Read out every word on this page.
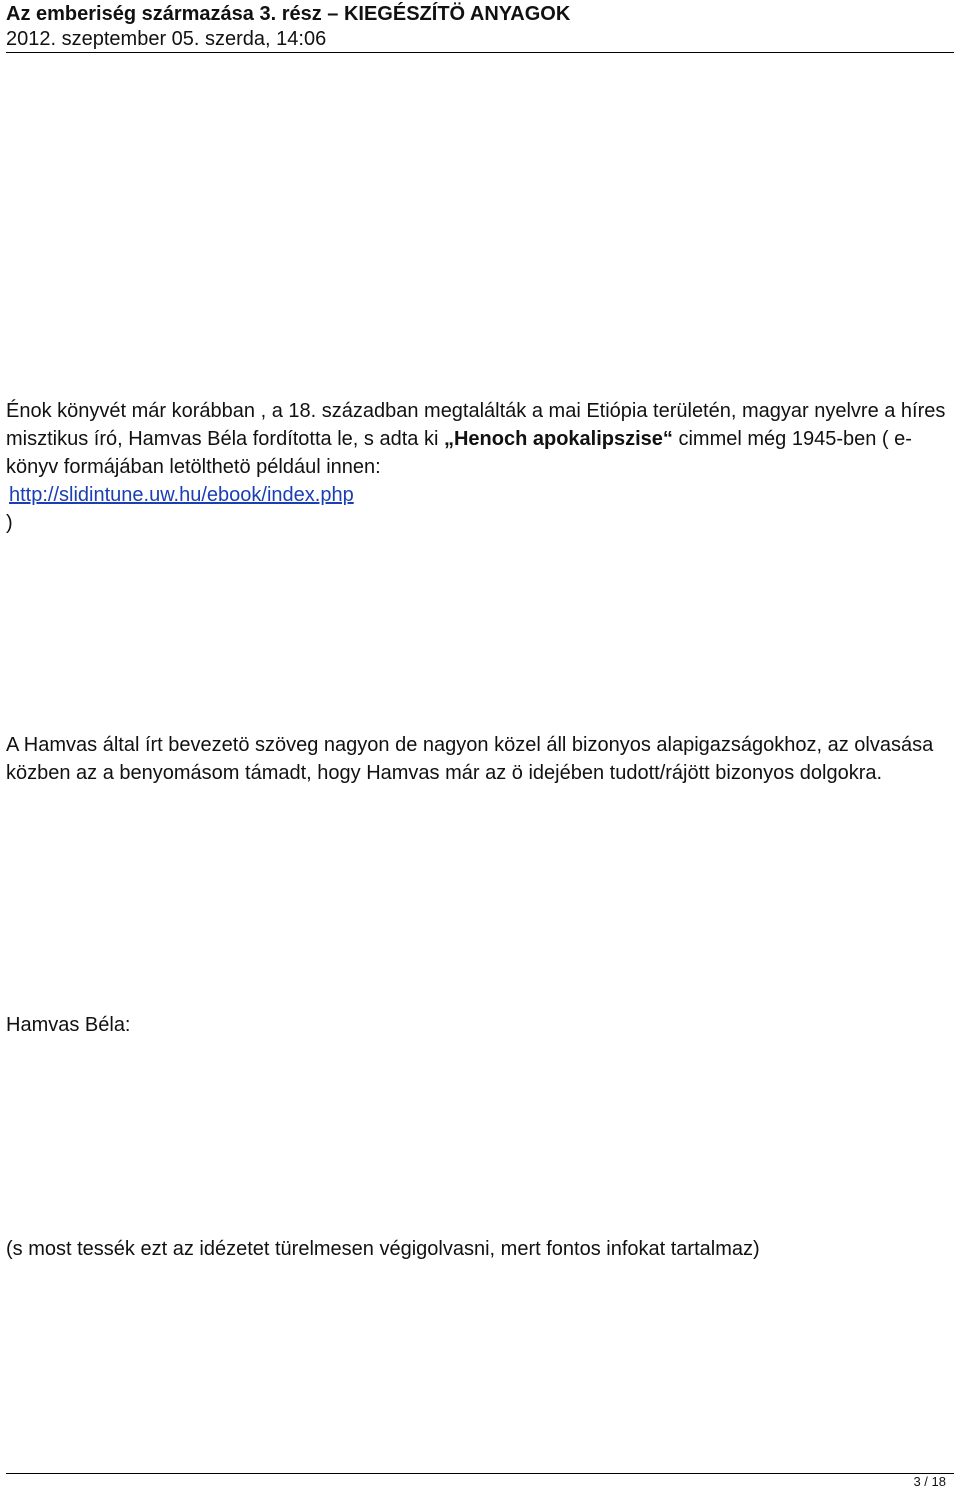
Az emberiség származása 3. rész – KIEGÉSZÍTÖ ANYAGOK

2012. szeptember 05. szerda, 14:06

Énok könyvét már korábban , a 18. században megtalálták a mai Etiópia területén, magyar nyelvre a híres misztikus író, Hamvas Béla fordította le, s adta ki „Henoch apokalipszise“ cimmel még 1945-ben ( e-könyv formájában letölthetö például innen:
http://slidintune.uw.hu/ebook/index.php
)

A Hamvas által írt bevezetö szöveg nagyon de nagyon közel áll bizonyos alapigazságokhoz, az olvasása közben az a benyomásom támadt, hogy Hamvas már az ö idejében tudott/rájött bizonyos dolgokra.

Hamvas Béla:

(s most tessék ezt az idézetet türelmesen végigolvasni, mert fontos infokat tartalmaz)

3 / 18
